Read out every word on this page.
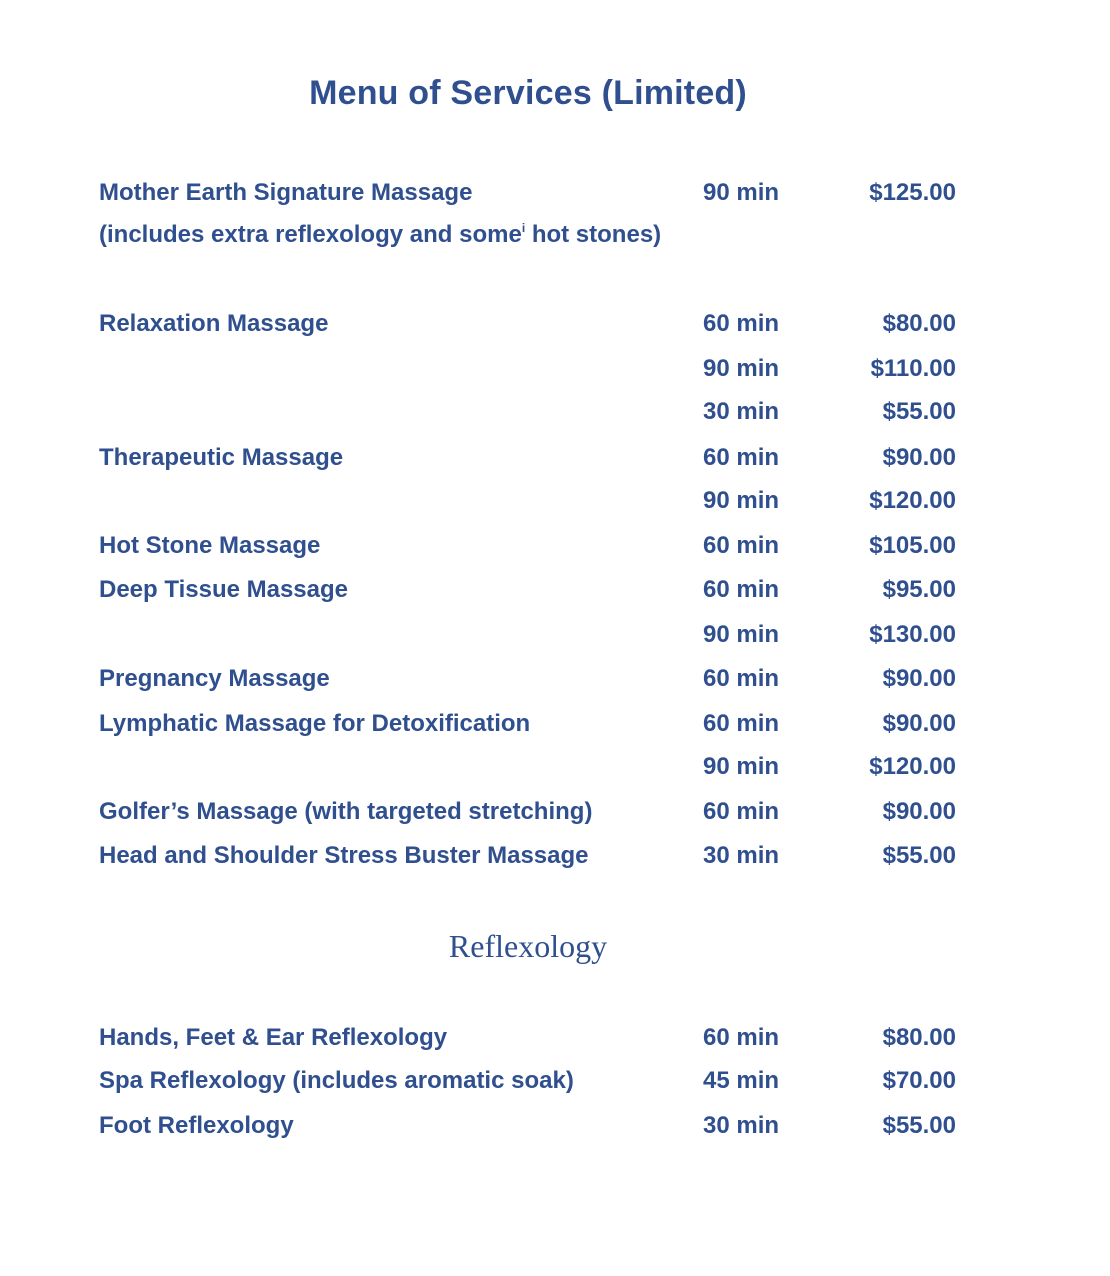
Menu of Services (Limited)
Mother Earth Signature Massage	90 min	$125.00
(includes extra reflexology and some$^i$ hot stones)
Relaxation Massage	60 min	$80.00
90 min	$110.00
30 min	$55.00
Therapeutic Massage	60 min	$90.00
90 min	$120.00
Hot Stone Massage	60 min	$105.00
Deep Tissue Massage	60 min	$95.00
90 min	$130.00
Pregnancy Massage	60 min	$90.00
Lymphatic Massage for Detoxification	60 min	$90.00
90 min	$120.00
Golfer’s Massage (with targeted stretching)	60 min	$90.00
Head and Shoulder Stress Buster Massage	30 min	$55.00
Reflexology
Hands, Feet & Ear Reflexology	60 min	$80.00
Spa Reflexology (includes aromatic soak)	45 min	$70.00
Foot Reflexology	30 min	$55.00
